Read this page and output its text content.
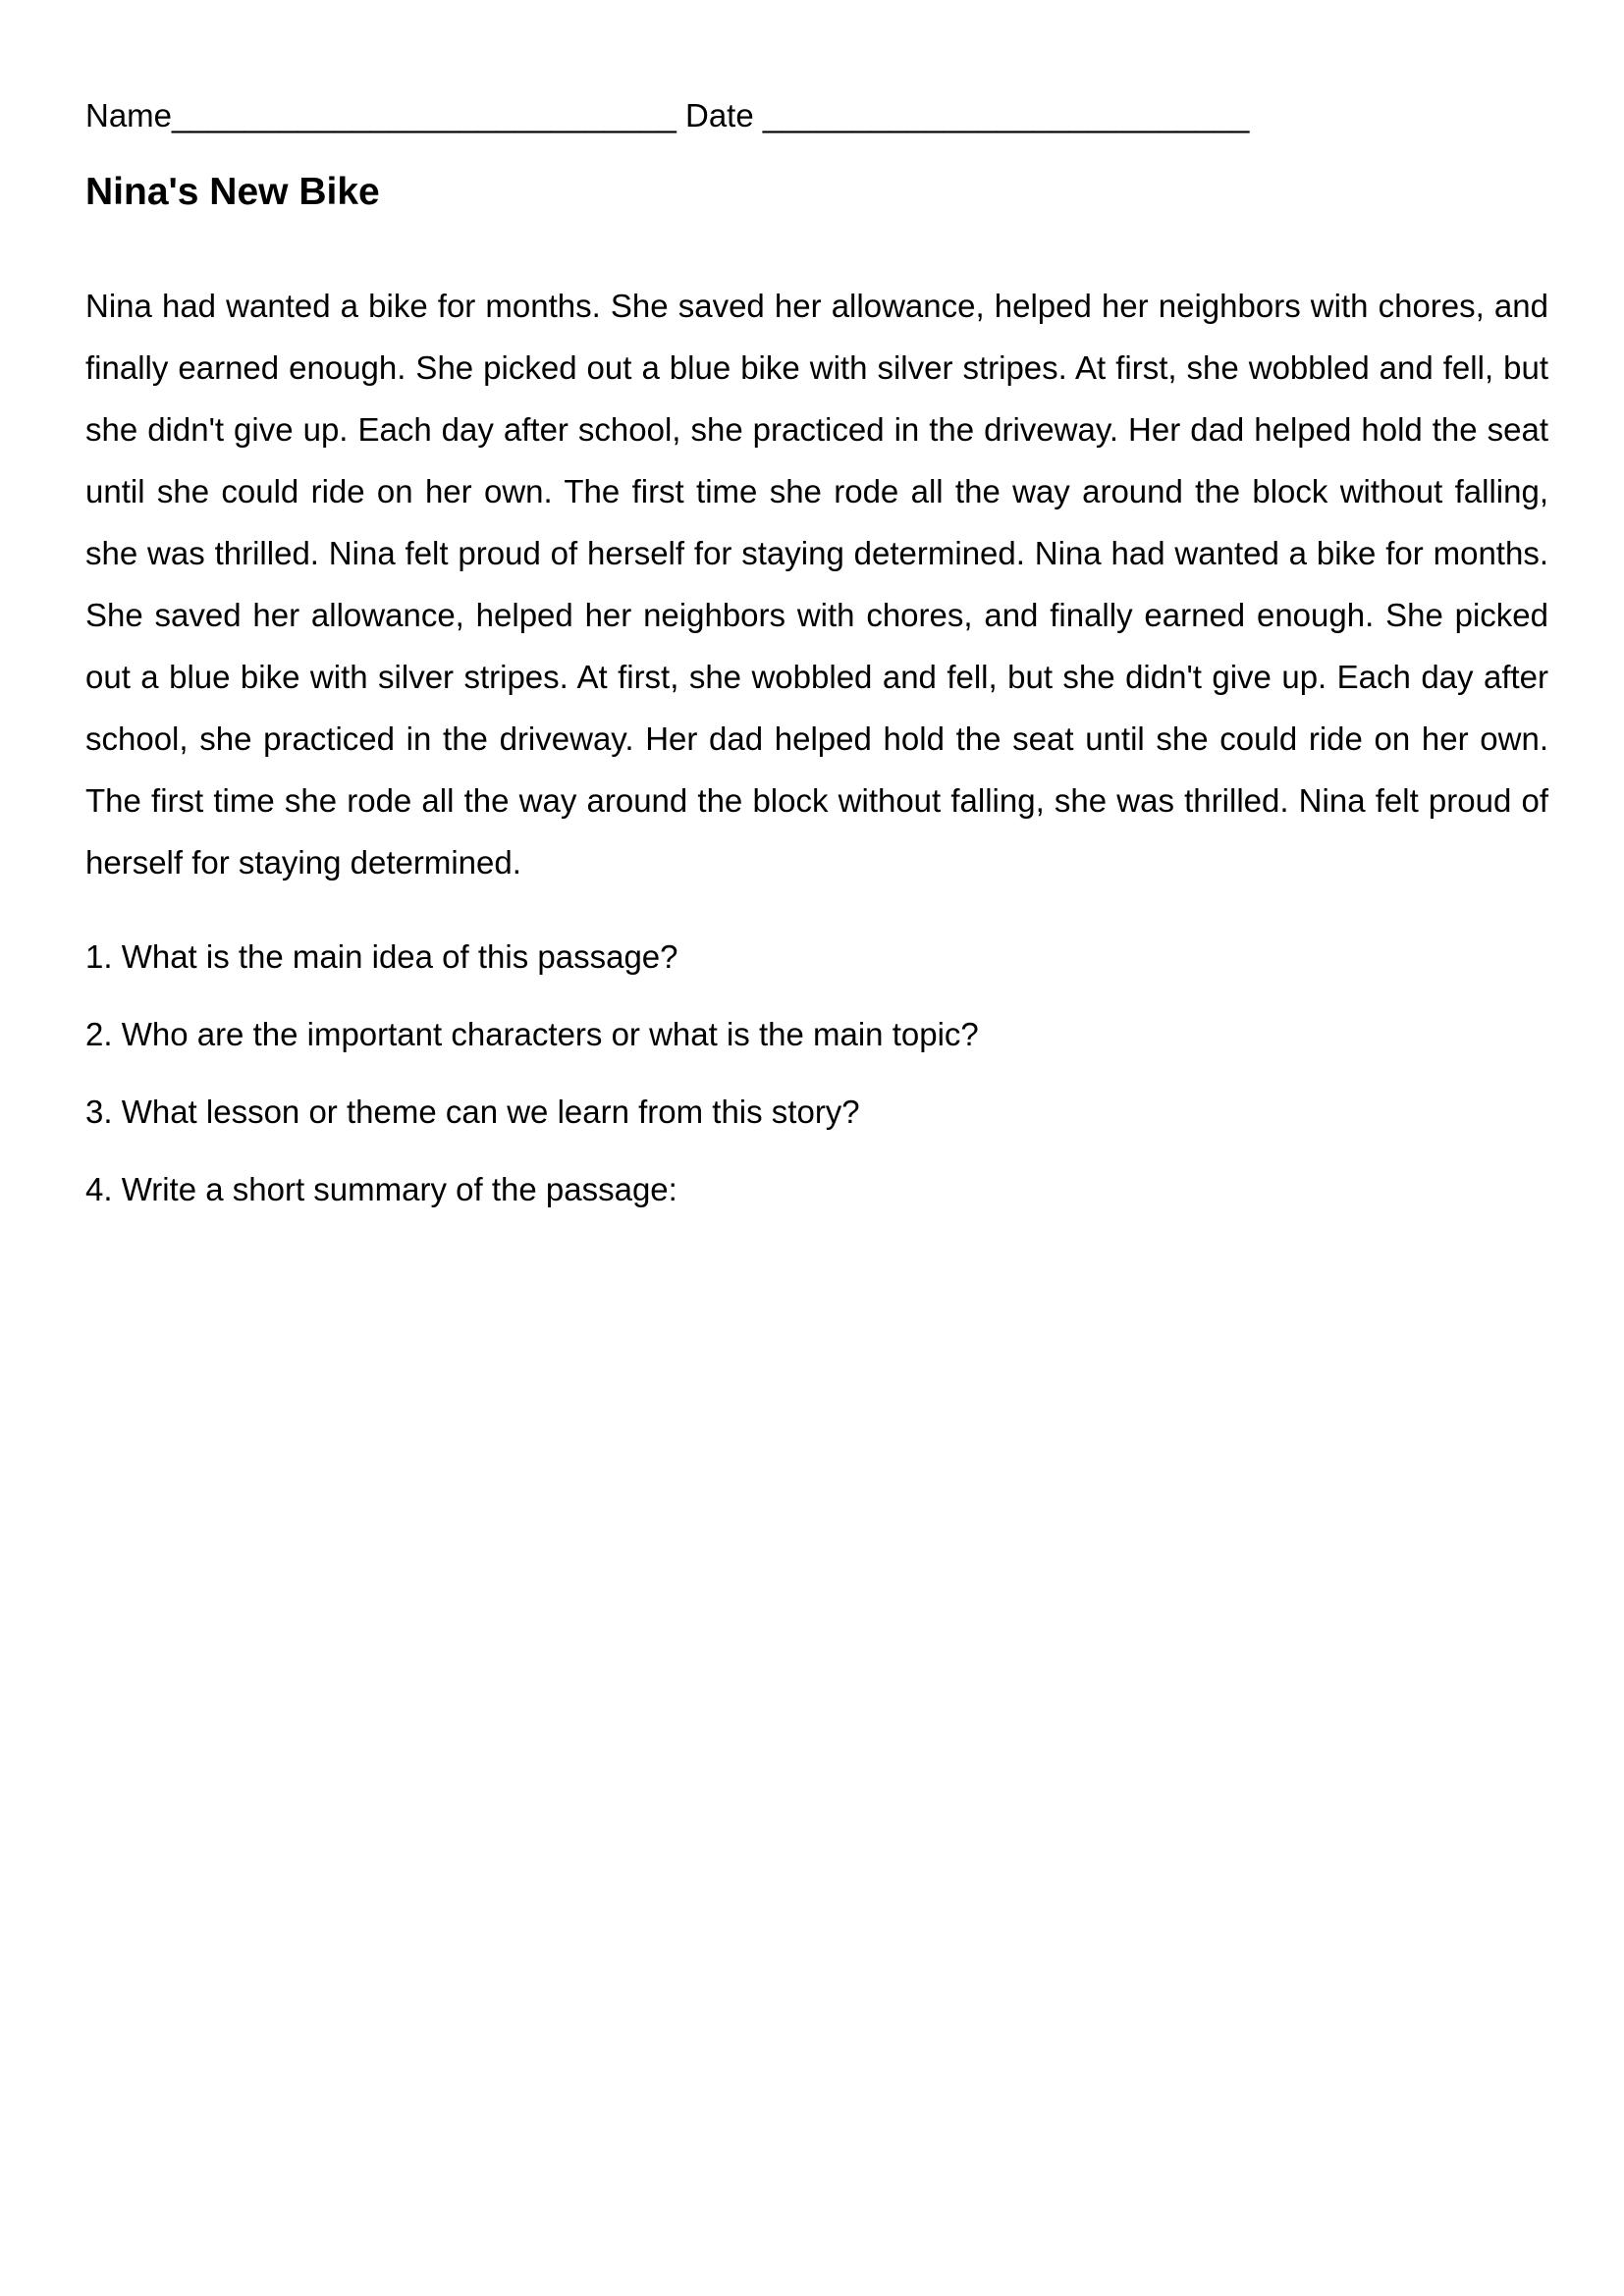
Name____________________________

Date ___________________________

Nina's New Bike

Nina had wanted a bike for months. She saved her allowance, helped her neighbors with chores, and finally earned enough. She picked out a blue bike with silver stripes. At first, she wobbled and fell, but she didn't give up. Each day after school, she practiced in the driveway. Her dad helped hold the seat until she could ride on her own. The first time she rode all the way around the block without falling, she was thrilled. Nina felt proud of herself for staying determined. Nina had wanted a bike for months. She saved her allowance, helped her neighbors with chores, and finally earned enough. She picked out a blue bike with silver stripes. At first, she wobbled and fell, but she didn't give up. Each day after school, she practiced in the driveway. Her dad helped hold the seat until she could ride on her own. The first time she rode all the way around the block without falling, she was thrilled. Nina felt proud of herself for staying determined.

1. What is the main idea of this passage?
2. Who are the important characters or what is the main topic?
3. What lesson or theme can we learn from this story?
4. Write a short summary of the passage:
